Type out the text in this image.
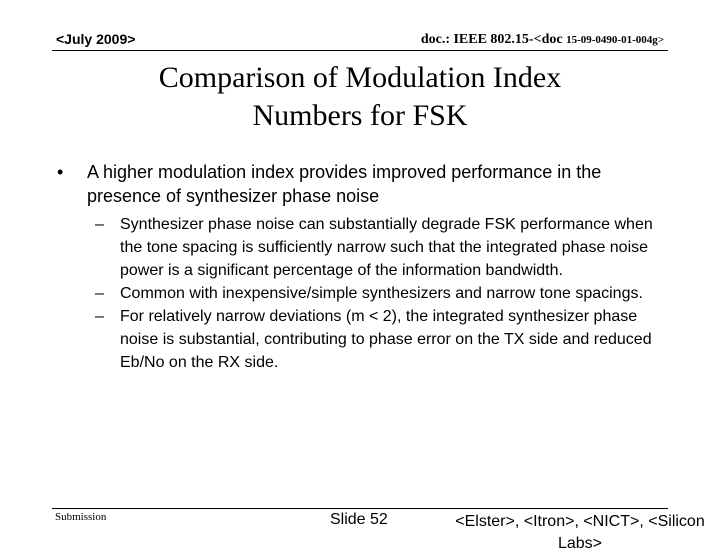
<July 2009>	doc.: IEEE 802.15-<doc 15-09-0490-01-004g>
Comparison of Modulation Index
Numbers for FSK
•	A higher modulation index provides improved performance in the presence of synthesizer phase noise
– Synthesizer phase noise can substantially degrade FSK performance when the tone spacing is sufficiently narrow such that the integrated phase noise power is a significant percentage of the information bandwidth.
– Common with inexpensive/simple synthesizers and narrow tone spacings.
– For relatively narrow deviations (m < 2), the integrated synthesizer phase noise is substantial, contributing to phase error on the TX side and reduced Eb/No on the RX side.
Submission	Slide 52	<Elster>, <Itron>, <NICT>, <Silicon Labs>
